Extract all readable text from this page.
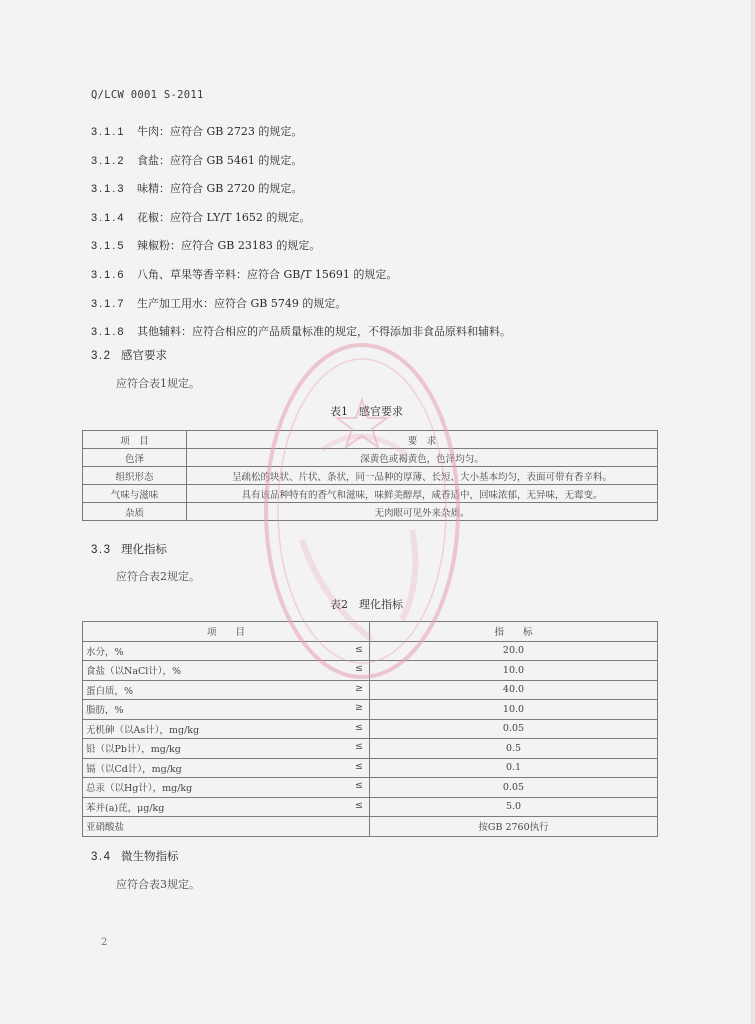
Q/LCW 0001 S-2011
3.1.1 牛肉：应符合 GB 2723 的规定。
3.1.2 食盐：应符合 GB 5461 的规定。
3.1.3 味精：应符合 GB 2720 的规定。
3.1.4 花椒：应符合 LY/T 1652 的规定。
3.1.5 辣椒粉：应符合 GB 23183 的规定。
3.1.6 八角、草果等香辛料：应符合 GB/T 15691 的规定。
3.1.7 生产加工用水：应符合 GB 5749 的规定。
3.1.8 其他辅料：应符合相应的产品质量标准的规定，不得添加非食品原料和辅料。
3.2 感官要求
应符合表1规定。
表1　感官要求
项　目	要　求
色泽	深黄色或褐黄色，色泽均匀。
组织形态	呈疏松的块状、片状、条状，同一品种的厚薄、长短、大小基本均匀，表面可带有香辛料。
气味与滋味	具有该品种特有的香气和滋味，味鲜美醇厚，咸香适中，回味浓郁，无异味，无霉变。
杂质	无肉眼可见外来杂质。
3.3 理化指标
应符合表2规定。
表2　理化指标
项　　目	指　　标
水分，% ≤	20.0
食盐（以NaCl计），% ≤	10.0
蛋白质，% ≥	40.0
脂肪，% ≥	10.0
无机砷（以As计），mg/kg ≤	0.05
铅（以Pb计），mg/kg ≤	0.5
镉（以Cd计），mg/kg ≤	0.1
总汞（以Hg计），mg/kg ≤	0.05
苯并(a)芘，μg/kg ≤	5.0
亚硝酸盐	按GB 2760执行
3.4 微生物指标
应符合表3规定。
2
